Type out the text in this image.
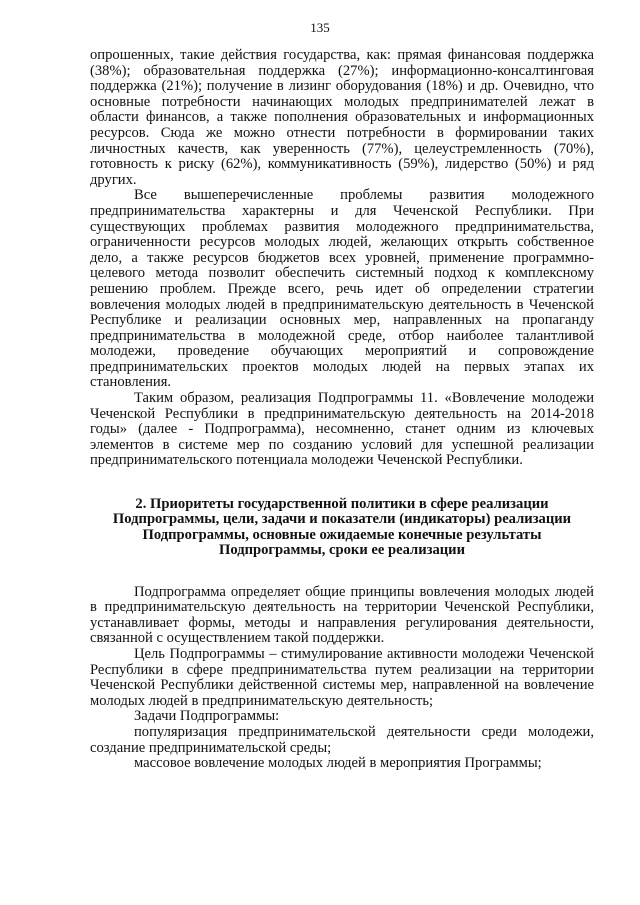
135

опрошенных, такие действия государства, как: прямая финансовая поддержка (38%); образовательная поддержка (27%); информационно-консалтинговая поддержка (21%); получение в лизинг оборудования (18%) и др. Очевидно, что основные потребности начинающих молодых предпринимателей лежат в области финансов, а также пополнения образовательных и информационных ресурсов. Сюда же можно отнести потребности в формировании таких личностных качеств, как уверенность (77%), целеустремленность (70%), готовность к риску (62%), коммуникативность (59%), лидерство (50%) и ряд других.

Все вышеперечисленные проблемы развития молодежного предпринимательства характерны и для Чеченской Республики. При существующих проблемах развития молодежного предпринимательства, ограниченности ресурсов молодых людей, желающих открыть собственное дело, а также ресурсов бюджетов всех уровней, применение программно-целевого метода позволит обеспечить системный подход к комплексному решению проблем. Прежде всего, речь идет об определении стратегии вовлечения молодых людей в предпринимательскую деятельность в Чеченской Республике и реализации основных мер, направленных на пропаганду предпринимательства в молодежной среде, отбор наиболее талантливой молодежи, проведение обучающих мероприятий и сопровождение предпринимательских проектов молодых людей на первых этапах их становления.

Таким образом, реализация Подпрограммы 11. «Вовлечение молодежи Чеченской Республики в предпринимательскую деятельность на 2014-2018 годы» (далее - Подпрограмма), несомненно, станет одним из ключевых элементов в системе мер по созданию условий для успешной реализации предпринимательского потенциала молодежи Чеченской Республики.

2. Приоритеты государственной политики в сфере реализации Подпрограммы, цели, задачи и показатели (индикаторы) реализации Подпрограммы, основные ожидаемые конечные результаты Подпрограммы, сроки ее реализации

Подпрограмма определяет общие принципы вовлечения молодых людей в предпринимательскую деятельность на территории Чеченской Республики, устанавливает формы, методы и направления регулирования деятельности, связанной с осуществлением такой поддержки.

Цель Подпрограммы – стимулирование активности молодежи Чеченской Республики в сфере предпринимательства путем реализации на территории Чеченской Республики действенной системы мер, направленной на вовлечение молодых людей в предпринимательскую деятельность;

Задачи Подпрограммы:

популяризация предпринимательской деятельности среди молодежи, создание предпринимательской среды;

массовое вовлечение молодых людей в мероприятия Программы;
